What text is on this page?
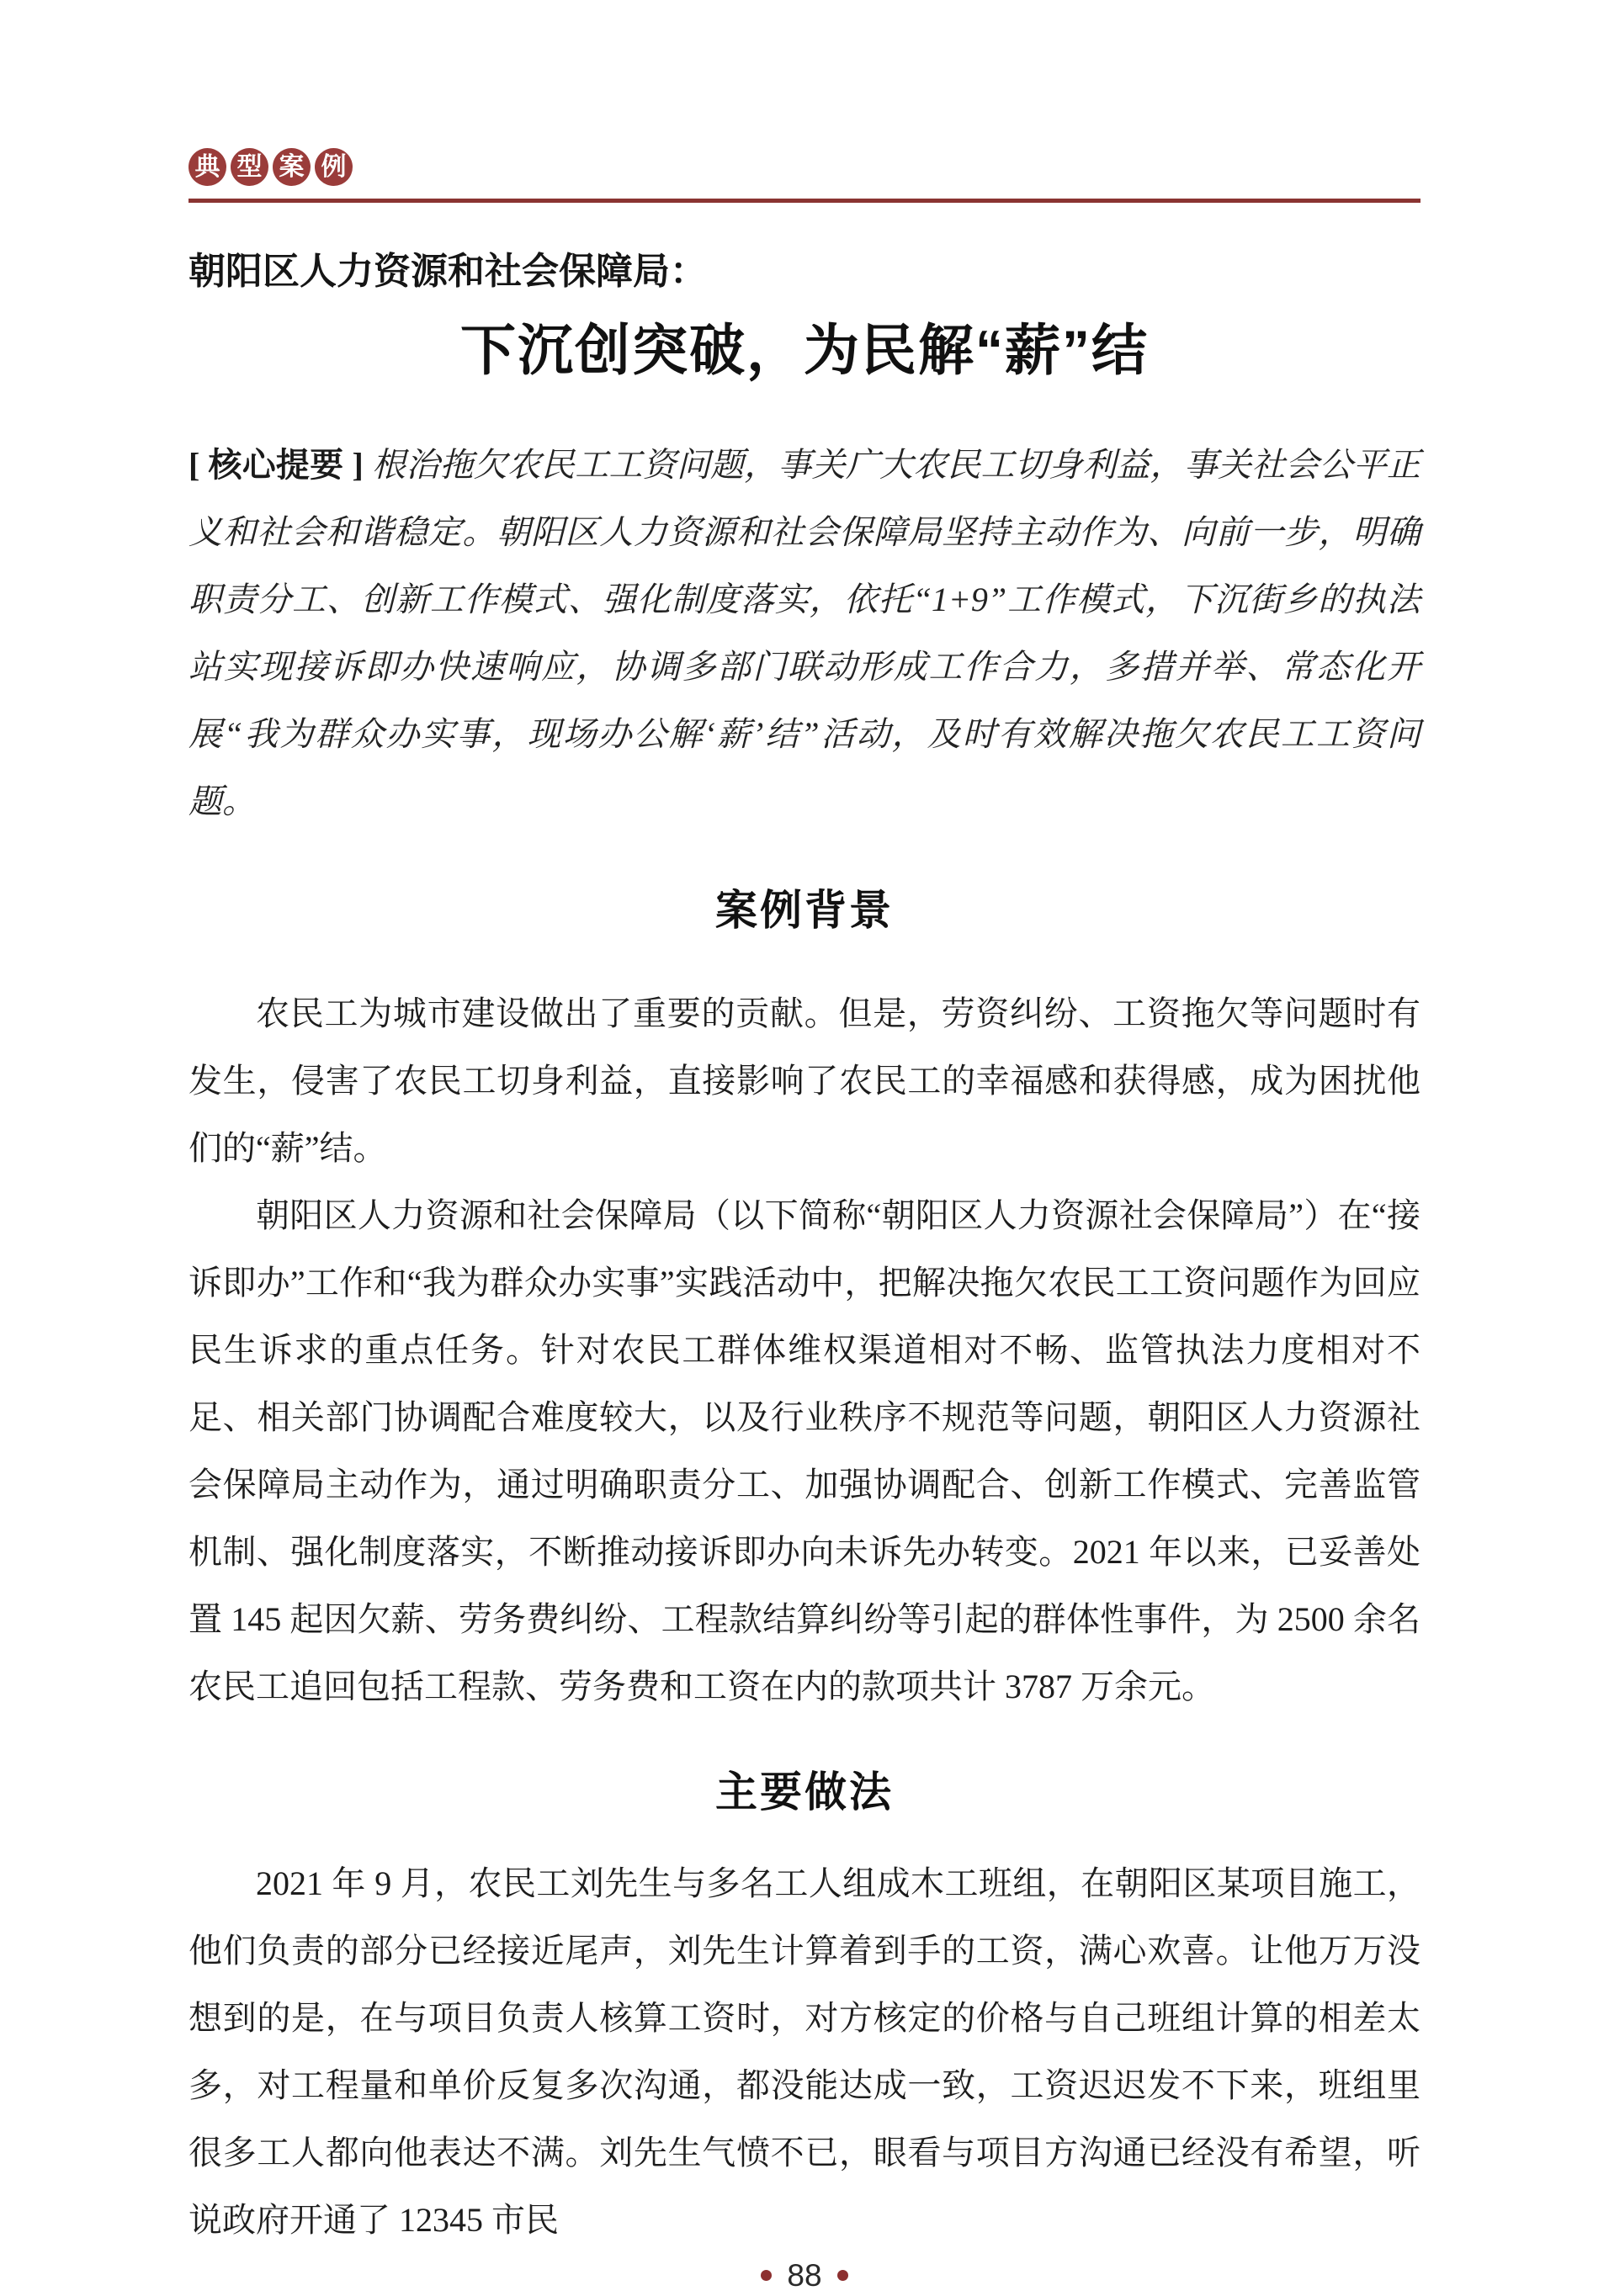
典 型 案 例
朝阳区人力资源和社会保障局：
下沉创突破，为民解“薪”结

[ 核心提要 ] 根治拖欠农民工工资问题，事关广大农民工切身利益，事关社会公平正义和社会和谐稳定。朝阳区人力资源和社会保障局坚持主动作为、向前一步，明确职责分工、创新工作模式、强化制度落实，依托“1+9”工作模式，下沉街乡的执法站实现接诉即办快速响应，协调多部门联动形成工作合力，多措并举、常态化开展“我为群众办实事，现场办公解‘薪’结”活动，及时有效解决拖欠农民工工资问题。

案例背景

农民工为城市建设做出了重要的贡献。但是，劳资纠纷、工资拖欠等问题时有发生，侵害了农民工切身利益，直接影响了农民工的幸福感和获得感，成为困扰他们的“薪”结。

朝阳区人力资源和社会保障局（以下简称“朝阳区人力资源社会保障局”）在“接诉即办”工作和“我为群众办实事”实践活动中，把解决拖欠农民工工资问题作为回应民生诉求的重点任务。针对农民工群体维权渠道相对不畅、监管执法力度相对不足、相关部门协调配合难度较大，以及行业秩序不规范等问题，朝阳区人力资源社会保障局主动作为，通过明确职责分工、加强协调配合、创新工作模式、完善监管机制、强化制度落实，不断推动接诉即办向未诉先办转变。2021 年以来，已妥善处置 145 起因欠薪、劳务费纠纷、工程款结算纠纷等引起的群体性事件，为 2500 余名农民工追回包括工程款、劳务费和工资在内的款项共计 3787 万余元。

主要做法

2021 年 9 月，农民工刘先生与多名工人组成木工班组，在朝阳区某项目施工，他们负责的部分已经接近尾声，刘先生计算着到手的工资，满心欢喜。让他万万没想到的是，在与项目负责人核算工资时，对方核定的价格与自己班组计算的相差太多，对工程量和单价反复多次沟通，都没能达成一致，工资迟迟发不下来，班组里很多工人都向他表达不满。刘先生气愤不已，眼看与项目方沟通已经没有希望，听说政府开通了 12345 市民

88
